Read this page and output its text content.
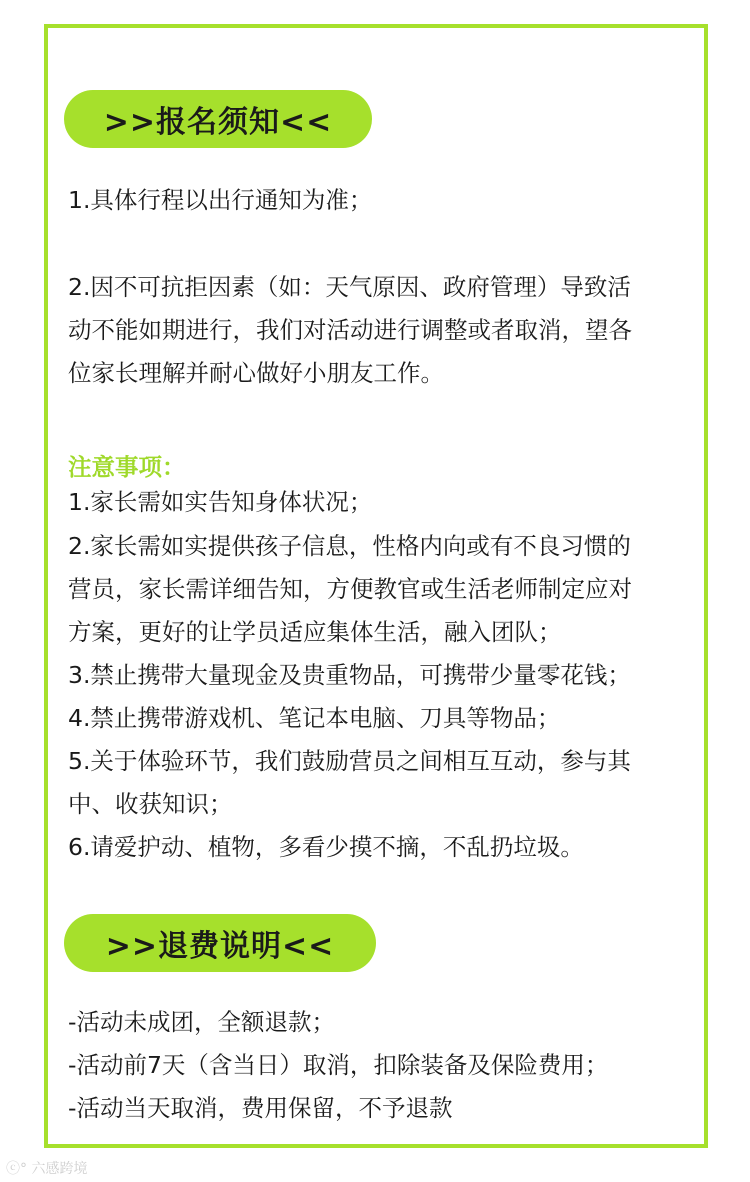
>>报名须知<<
1.具体行程以出行通知为准；
2.因不可抗拒因素（如：天气原因、政府管理）导致活
动不能如期进行，我们对活动进行调整或者取消，望各
位家长理解并耐心做好小朋友工作。
注意事项：
1.家长需如实告知身体状况；
2.家长需如实提供孩子信息，性格内向或有不良习惯的
营员，家长需详细告知，方便教官或生活老师制定应对
方案，更好的让学员适应集体生活，融入团队；
3.禁止携带大量现金及贵重物品，可携带少量零花钱；
4.禁止携带游戏机、笔记本电脑、刀具等物品；
5.关于体验环节，我们鼓励营员之间相互互动，参与其
中、收获知识；
6.请爱护动、植物，多看少摸不摘，不乱扔垃圾。
>>退费说明<<
-活动未成团，全额退款；
-活动前7天（含当日）取消，扣除装备及保险费用；
-活动当天取消，费用保留，不予退款
ⓒ° 六感跨境
